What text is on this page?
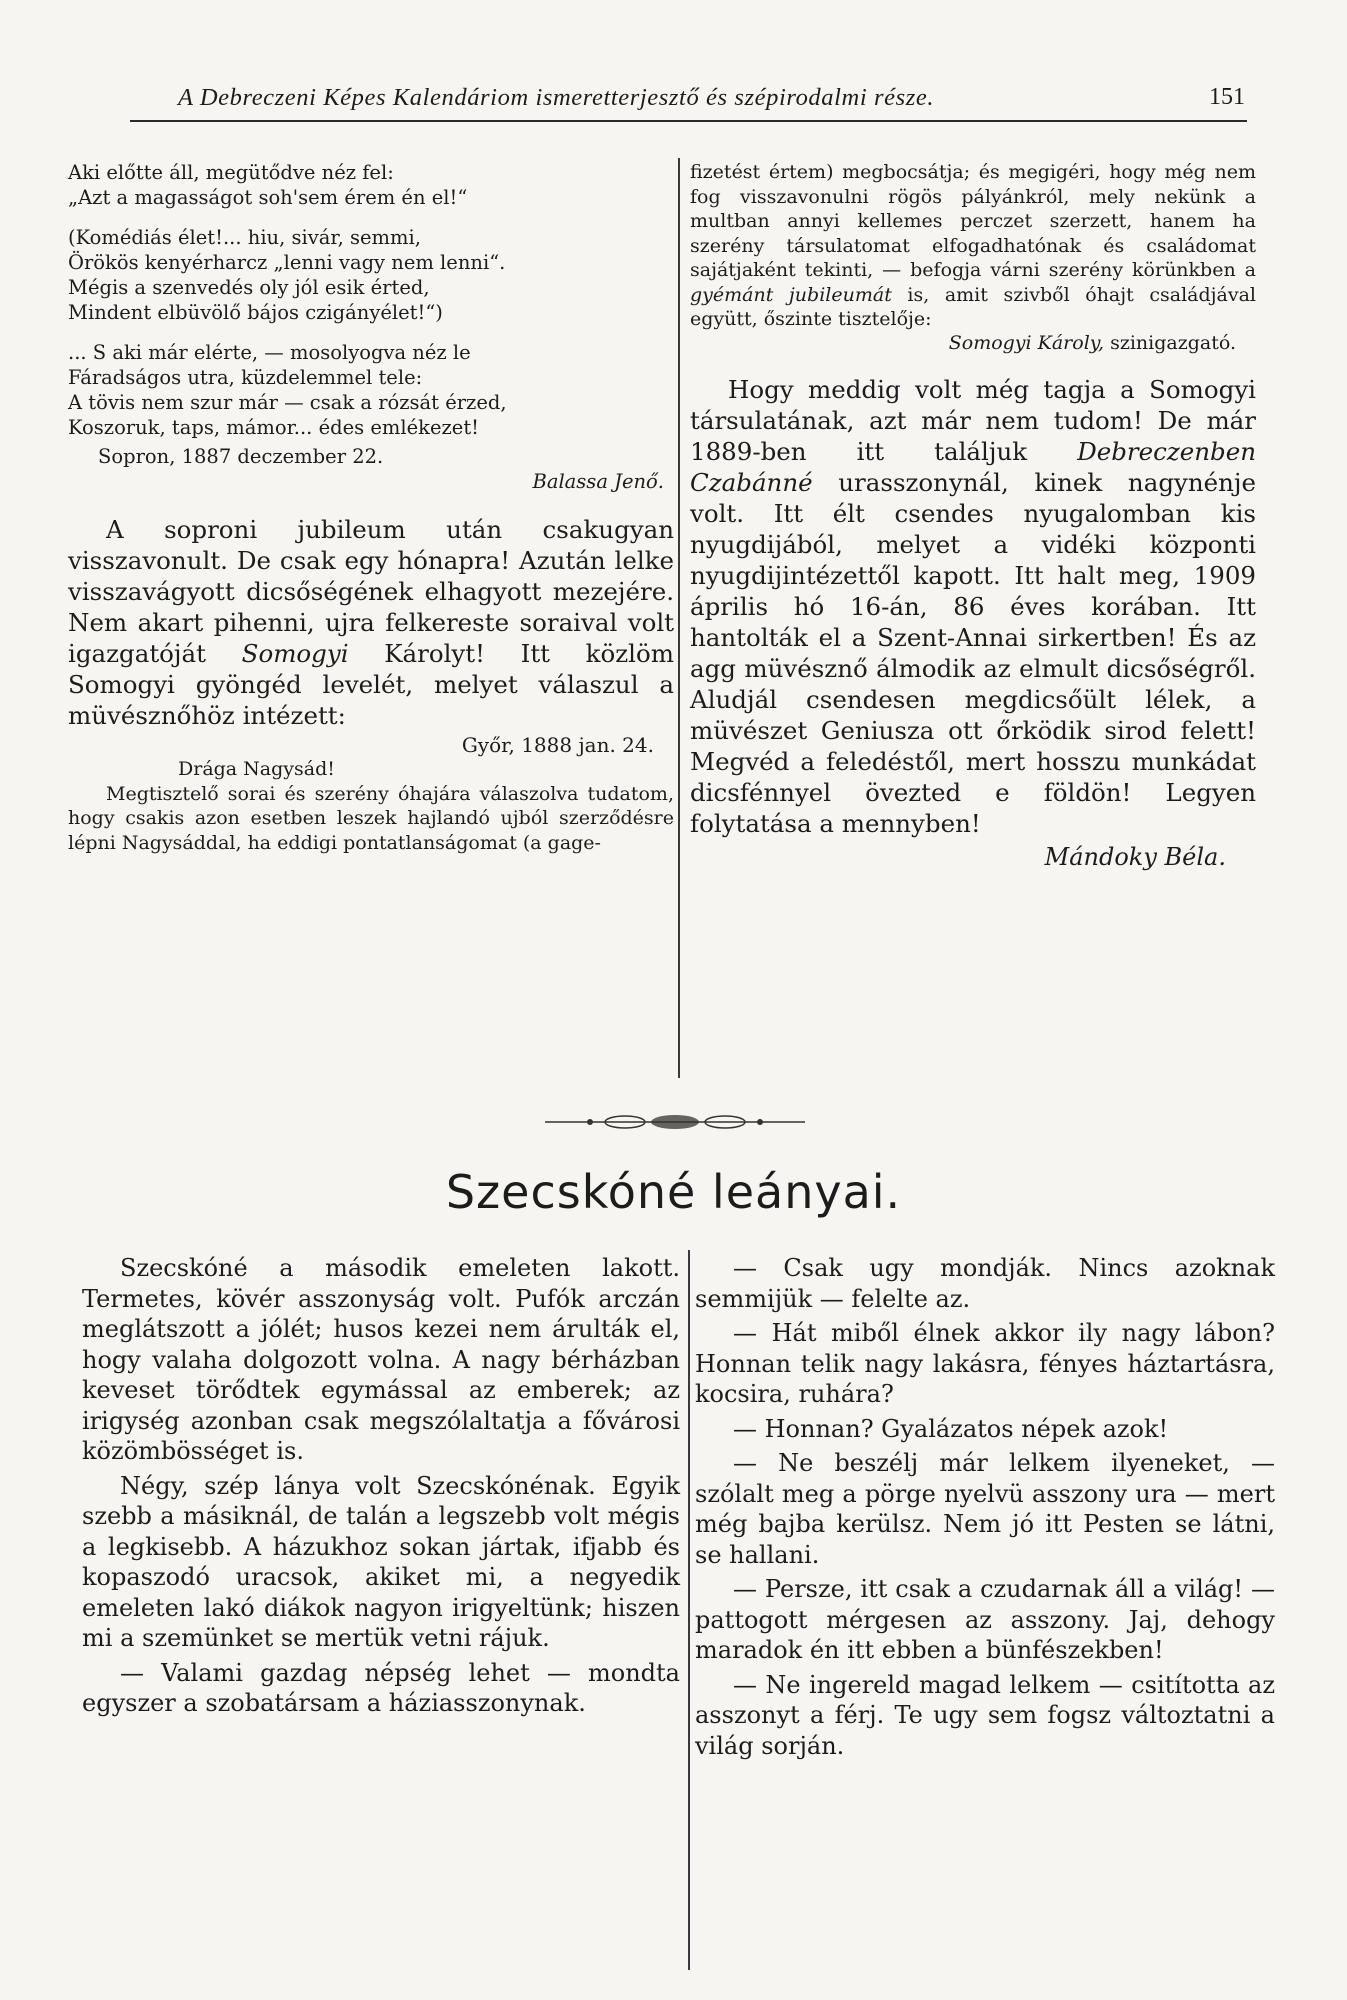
A Debreczeni Képes Kalendáriom ismeretterjesztő és szépirodalmi része.	151
Aki előtte áll, megütődve néz fel:
„Azt a magasságot soh'sem érem én el!“
(Komédiás élet!... hiu, sivár, semmi,
Örökös kenyérharcz „lenni vagy nem lenni“.
Mégis a szenvedés oly jól esik érted,
Mindent elbüvölő bájos czigányélet!“)
... S aki már elérte, — mosolyogva néz le
Fáradságos utra, küzdelemmel tele:
A tövis nem szur már — csak a rózsát érzed,
Koszoruk, taps, mámor... édes emlékezet!
Sopron, 1887 deczember 22.
Balassa Jenő.
A soproni jubileum után csakugyan visszavonult. De csak egy hónapra! Azután lelke visszavágyott dicsőségének elhagyott mezejére. Nem akart pihenni, ujra felkereste soraival volt igazgatóját Somogyi Károlyt! Itt közlöm Somogyi gyöngéd levelét, melyet válaszul a müvésznőhöz intézett:
Győr, 1888 jan. 24.
Drága Nagysád!
Megtisztelő sorai és szerény óhajára válaszolva tudatom, hogy csakis azon esetben leszek hajlandó ujból szerződésre lépni Nagysáddal, ha eddigi pontatlanságomat (a gage-
fizetést értem) megbocsátja; és megigéri, hogy még nem fog visszavonulni rögös pályánkról, mely nekünk a multban annyi kellemes perczet szerzett, hanem ha szerény társulatomat elfogadhatónak és családomat sajátjaként tekinti, — befogja várni szerény körünkben a gyémánt jubileumát is, amit szivből óhajt családjával együtt, őszinte tisztelője:
Somogyi Károly, szinigazgató.
Hogy meddig volt még tagja a Somogyi társulatának, azt már nem tudom! De már 1889-ben itt találjuk Debreczenben Czabánné urasszonynál, kinek nagynénje volt. Itt élt csendes nyugalomban kis nyugdijából, melyet a vidéki központi nyugdijintézettől kapott. Itt halt meg, 1909 április hó 16-án, 86 éves korában. Itt hantolták el a Szent-Annai sirkertben! És az agg müvésznő álmodik az elmult dicsőségről. Aludjál csendesen megdicsőült lélek, a müvészet Geniusza ott őrködik sirod felett! Megvéd a feledéstől, mert hosszu munkádat dicsfénnyel övezted e földön! Legyen folytatása a mennyben!
Mándoky Béla.
Szecskóné leányai.
Szecskóné a második emeleten lakott. Termetes, kövér asszonyság volt. Pufók arczán meglátszott a jólét; husos kezei nem árulták el, hogy valaha dolgozott volna. A nagy bérházban keveset törődtek egymással az emberek; az irigység azonban csak megszólaltatja a fővárosi közömbösséget is.
Négy, szép lánya volt Szecskónénak. Egyik szebb a másiknál, de talán a legszebb volt mégis a legkisebb. A házukhoz sokan jártak, ifjabb és kopaszodó uracsok, akiket mi, a negyedik emeleten lakó diákok nagyon irigyeltünk; hiszen mi a szemünket se mertük vetni rájuk.
— Valami gazdag népség lehet — mondta egyszer a szobatársam a háziasszonynak.
— Csak ugy mondják. Nincs azoknak semmijük — felelte az.
— Hát miből élnek akkor ily nagy lábon? Honnan telik nagy lakásra, fényes háztartásra, kocsira, ruhára?
— Honnan? Gyalázatos népek azok!
— Ne beszélj már lelkem ilyeneket, — szólalt meg a pörge nyelvü asszony ura — mert még bajba kerülsz. Nem jó itt Pesten se látni, se hallani.
— Persze, itt csak a czudarnak áll a világ! — pattogott mérgesen az asszony. Jaj, dehogy maradok én itt ebben a bünfészekben!
— Ne ingereld magad lelkem — csitította az asszonyt a férj. Te ugy sem fogsz változtatni a világ sorján.
